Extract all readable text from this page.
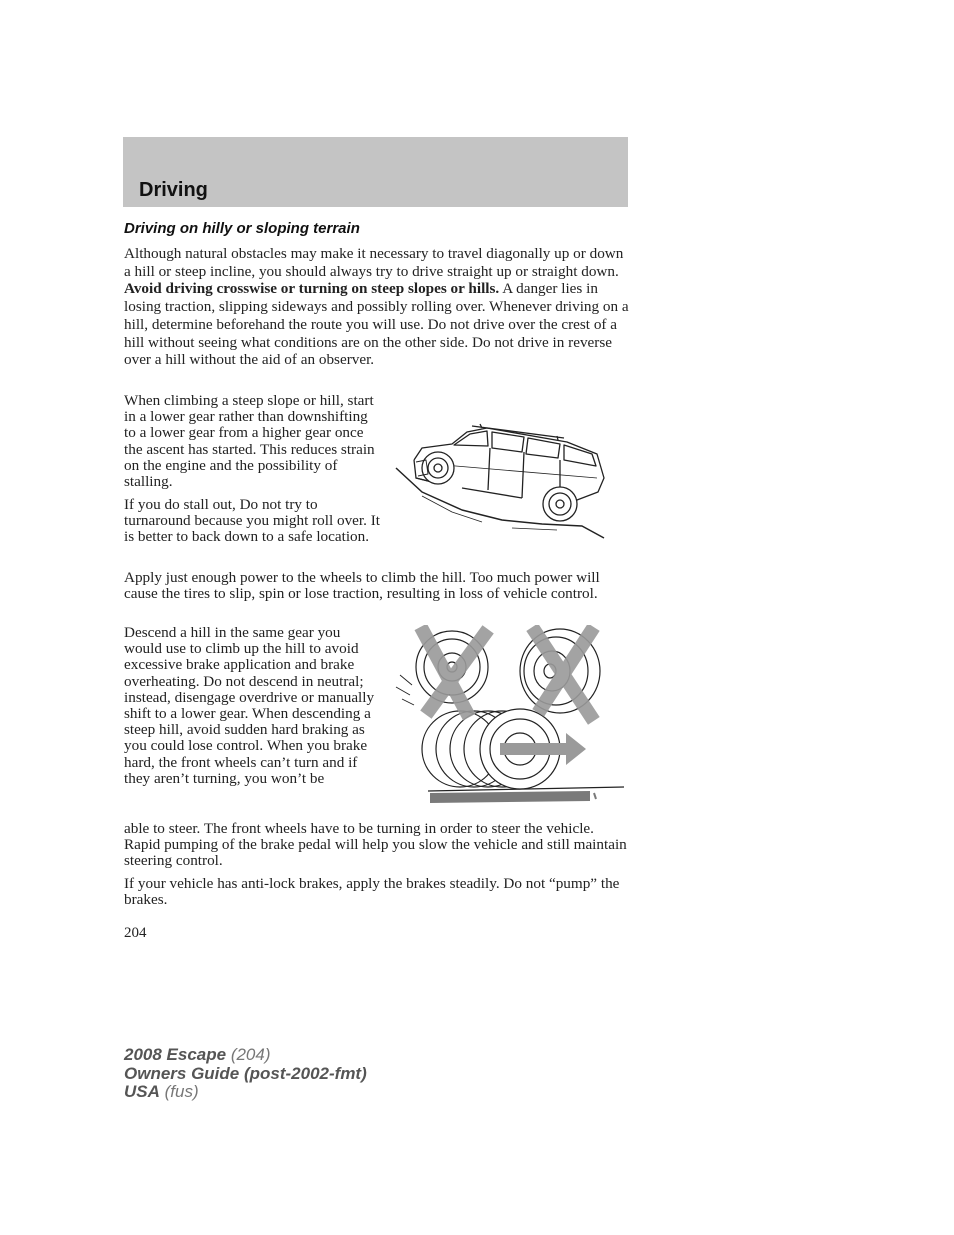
Driving
Driving on hilly or sloping terrain

Although natural obstacles may make it necessary to travel diagonally up or down a hill or steep incline, you should always try to drive straight up or straight down. Avoid driving crosswise or turning on steep slopes or hills. A danger lies in losing traction, slipping sideways and possibly rolling over. Whenever driving on a hill, determine beforehand the route you will use. Do not drive over the crest of a hill without seeing what conditions are on the other side. Do not drive in reverse over a hill without the aid of an observer.

When climbing a steep slope or hill, start in a lower gear rather than downshifting to a lower gear from a higher gear once the ascent has started. This reduces strain on the engine and the possibility of stalling.

If you do stall out, Do not try to turnaround because you might roll over. It is better to back down to a safe location.

Apply just enough power to the wheels to climb the hill. Too much power will cause the tires to slip, spin or lose traction, resulting in loss of vehicle control.

Descend a hill in the same gear you would use to climb up the hill to avoid excessive brake application and brake overheating. Do not descend in neutral; instead, disengage overdrive or manually shift to a lower gear. When descending a steep hill, avoid sudden hard braking as you could lose control. When you brake hard, the front wheels can’t turn and if they aren’t turning, you won’t be

able to steer. The front wheels have to be turning in order to steer the vehicle. Rapid pumping of the brake pedal will help you slow the vehicle and still maintain steering control.

If your vehicle has anti-lock brakes, apply the brakes steadily. Do not “pump” the brakes.

204

2008 Escape (204)
Owners Guide (post-2002-fmt)
USA (fus)
